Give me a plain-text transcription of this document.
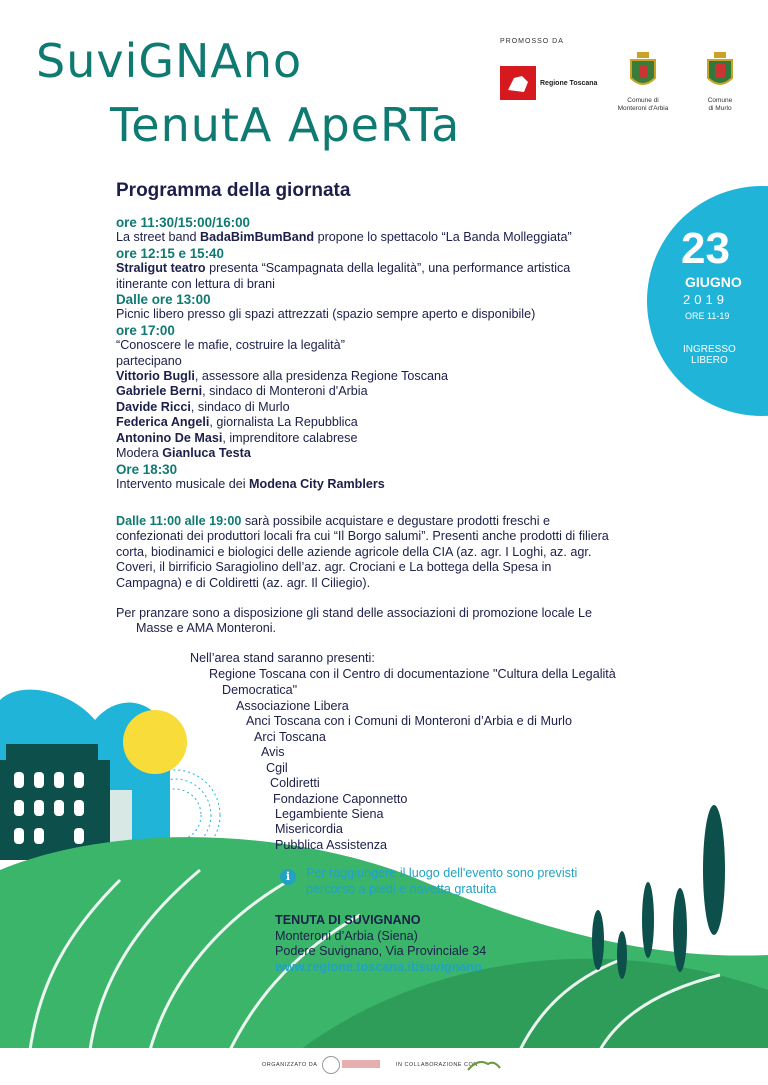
SuviGNAno
TenutA ApeRTa
PROMOSSO DA
Regione Toscana
Comune di
Monteroni d'Arbia
Comune
di Murlo
23
GIUGNO
2019
ORE 11-19
INGRESSO
LIBERO
Programma della giornata
ore 11:30/15:00/16:00
La street band BadaBimBumBand propone lo spettacolo “La Banda Molleggiata”
ore 12:15 e 15:40
Straligut teatro presenta “Scampagnata della legalità”, una performance artistica itinerante con lettura di brani
Dalle ore 13:00
Picnic libero presso gli spazi attrezzati (spazio sempre aperto e disponibile)
ore 17:00
“Conoscere le mafie, costruire la legalità”
partecipano
Vittorio Bugli, assessore alla presidenza Regione Toscana
Gabriele Berni, sindaco di Monteroni d'Arbia
Davide Ricci, sindaco di Murlo
Federica Angeli, giornalista La Repubblica
Antonino De Masi, imprenditore calabrese
Modera Gianluca Testa
Ore 18:30
Intervento musicale dei Modena City Ramblers
Dalle 11:00 alle 19:00 sarà possibile acquistare e degustare prodotti freschi e confezionati dei produttori locali fra cui “Il Borgo salumi”. Presenti anche prodotti di filiera corta, biodinamici e biologici delle aziende agricole della CIA (az. agr. I Loghi, az. agr. Coveri, il birrificio Saragiolino dell’az. agr. Crociani e La bottega della Spesa in Campagna) e di Coldiretti (az. agr. Il Ciliegio).
Per pranzare sono a disposizione gli stand delle associazioni di promozione locale Le
Masse e AMA Monteroni.
Nell’area stand saranno presenti:
Regione Toscana con il Centro di documentazione "Cultura della Legalità
Democratica"
Associazione Libera
Anci Toscana con i Comuni di Monteroni d’Arbia e di Murlo
Arci Toscana
Avis
Cgil
Coldiretti
Fondazione Caponnetto
Legambiente Siena
Misericordia
Pubblica Assistenza
i	Per raggiungere il luogo dell'evento sono previsti
percorso a piedi e navetta gratuita
TENUTA DI SUVIGNANO
Monteroni d’Arbia (Siena)
Podere Suvignano, Via Provinciale 34
www.regione.toscana.it/suvignano
ORGANIZZATO DA	IN COLLABORAZIONE CON
